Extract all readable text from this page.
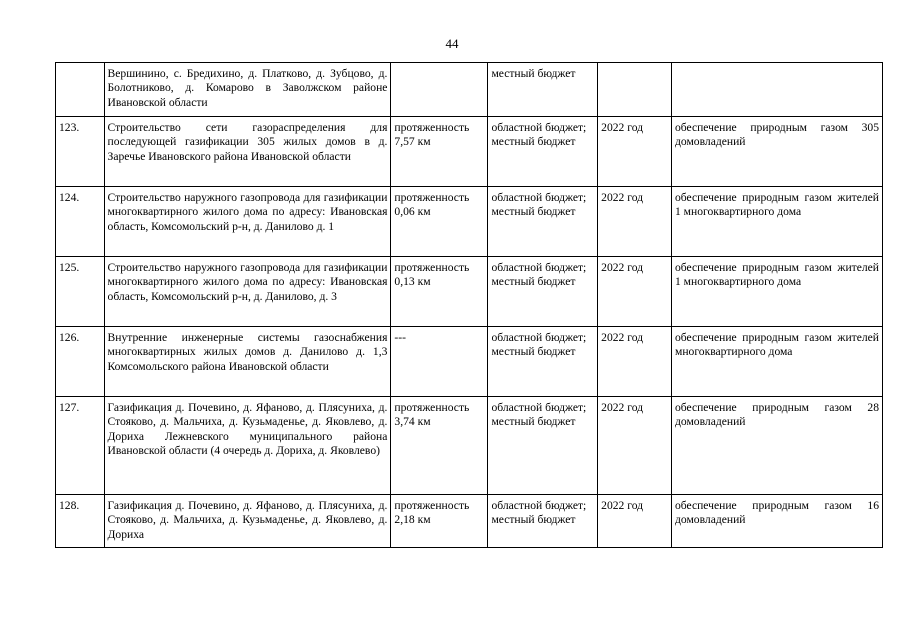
44
	Вершинино, с. Бредихино, д. Платково, д. Зубцово, д. Болотниково, д. Комарово в Заволжском районе Ивановской области		местный бюджет		
123.	Строительство сети газораспределения для последующей газификации 305 жилых домов в д. Заречье Ивановского района Ивановской области	протяженность 7,57 км	областной бюджет; местный бюджет	2022 год	обеспечение природным газом 305 домовладений
124.	Строительство наружного газопровода для газификации многоквартирного жилого дома по адресу: Ивановская область, Комсомольский р-н, д. Данилово д. 1	протяженность 0,06 км	областной бюджет; местный бюджет	2022 год	обеспечение природным газом жителей 1 многоквартирного дома
125.	Строительство наружного газопровода для газификации многоквартирного жилого дома по адресу: Ивановская область, Комсомольский р-н, д. Данилово, д. 3	протяженность 0,13 км	областной бюджет; местный бюджет	2022 год	обеспечение природным газом жителей 1 многоквартирного дома
126.	Внутренние инженерные системы газоснабжения многоквартирных жилых домов д. Данилово д. 1,3 Комсомольского района Ивановской области	---	областной бюджет; местный бюджет	2022 год	обеспечение природным газом жителей многоквартирного дома
127.	Газификация д. Почевино, д. Яфаново, д. Плясуниха, д. Стояково, д. Мальчиха, д. Кузьмаденье, д. Яковлево, д. Дориха Лежневского муниципального района Ивановской области (4 очередь д. Дориха, д. Яковлево)	протяженность 3,74 км	областной бюджет; местный бюджет	2022 год	обеспечение природным газом 28 домовладений
128.	Газификация д. Почевино, д. Яфаново, д. Плясуниха, д. Стояково, д. Мальчиха, д. Кузьмаденье, д. Яковлево, д. Дориха	протяженность 2,18 км	областной бюджет; местный бюджет	2022 год	обеспечение природным газом 16 домовладений
